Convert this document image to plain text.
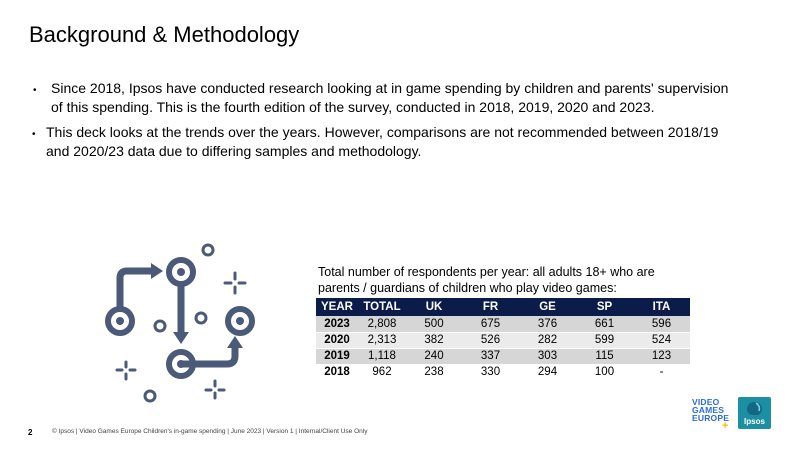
Background & Methodology
• Since 2018, Ipsos have conducted research looking at in game spending by children and parents' supervision of this spending. This is the fourth edition of the survey, conducted in 2018, 2019, 2020 and 2023.
• This deck looks at the trends over the years. However, comparisons are not recommended between 2018/19 and 2020/23 data due to differing samples and methodology.
Total number of respondents per year: all adults 18+ who are parents / guardians of children who play video games:
YEAR	TOTAL	UK	FR	GE	SP	ITA
2023	2,808	500	675	376	661	596
2020	2,313	382	526	282	599	524
2019	1,118	240	337	303	115	123
2018	962	238	330	294	100	-
2	© Ipsos | Video Games Europe Children's in-game spending | June 2023 | Version 1 | Internal/Client Use Only
VIDEO
GAMES
EUROPE
+	Ipsos
